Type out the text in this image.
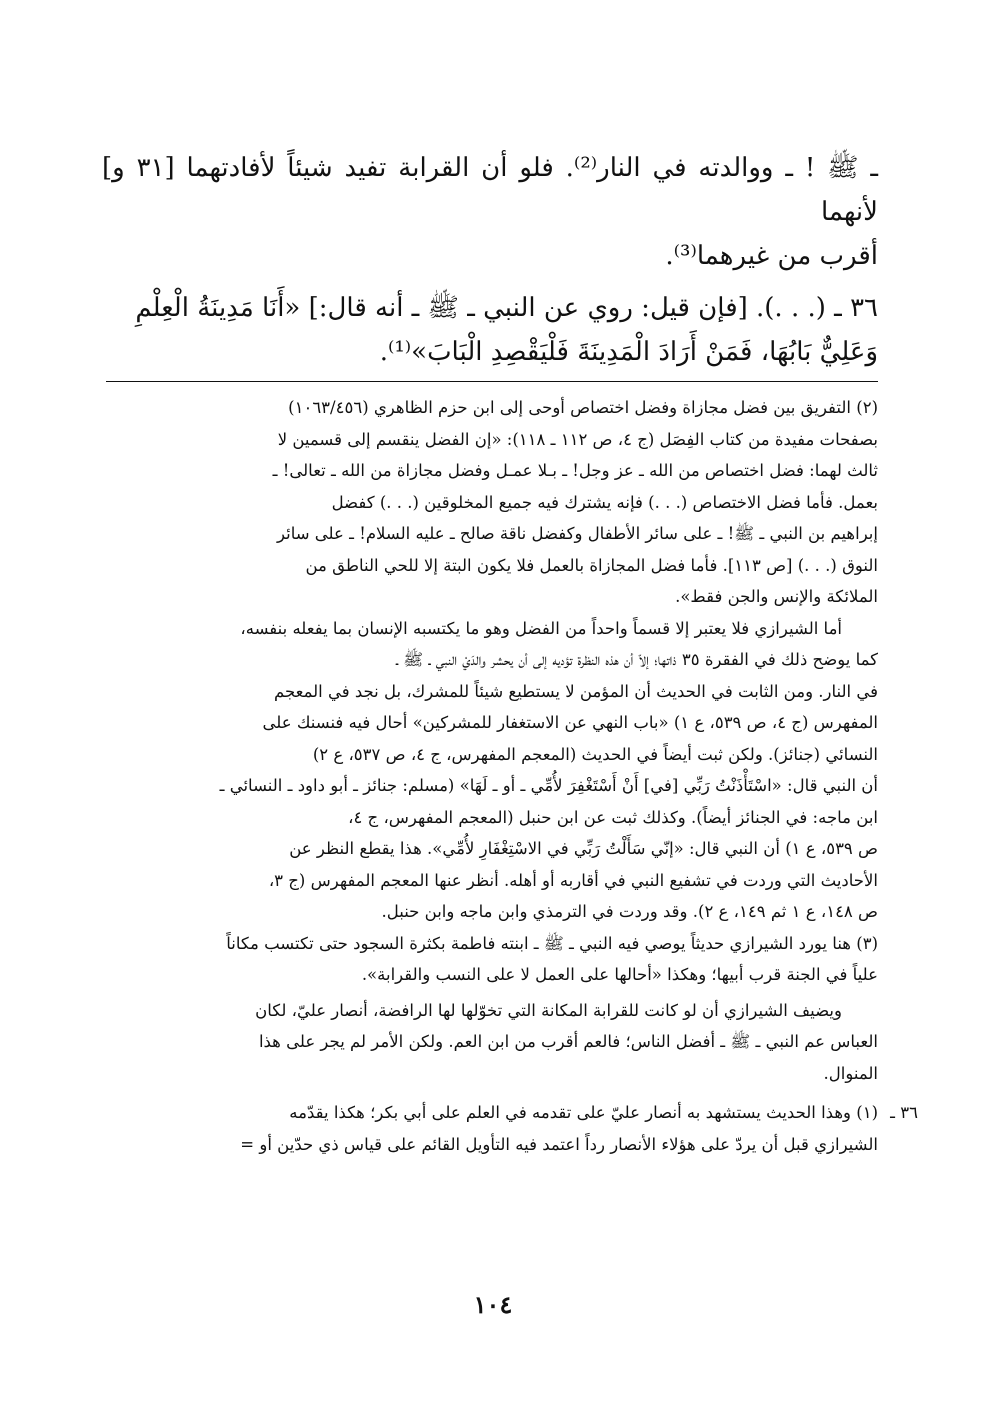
ـ ﷺ ! ـ ووالدته في النار⁽²⁾. فلو أن القرابة تفيد شيئاً لأفادتهما [٣١ و] لأنهما

أقرب من غيرهما⁽³⁾.

٣٦ ـ (. . .). [فإن قيل: روي عن النبي ـ ﷺ ـ أنه قال:] «أَنَا مَدِينَةُ الْعِلْمِ

وَعَلِيٌّ بَابُهَا، فَمَنْ أَرَادَ الْمَدِينَةَ فَلْيَقْصِدِ الْبَابَ»⁽¹⁾.

(٢) التفريق بين فضل مجازاة وفضل اختصاص أوحى إلى ابن حزم الظاهري (١٠٦٣/٤٥٦)

بصفحات مفيدة من كتاب الفِصَل (ج ٤، ص ١١٢ ـ ١١٨): «إن الفضل ينقسم إلى قسمين لا

ثالث لهما: فضل اختصاص من الله ـ عز وجل! ـ بـلا عمـل وفضل مجازاة من الله ـ تعالى! ـ

بعمل. فأما فضل الاختصاص (. . .) فإنه يشترك فيه جميع المخلوقين (. . .) كفضل

إبراهيم بن النبي ـ ﷺ! ـ على سائر الأطفال وكفضل ناقة صالح ـ عليه السلام! ـ على سائر

النوق (. . .) [ص ١١٣]. فأما فضل المجازاة بالعمل فلا يكون البتة إلا للحي الناطق من

الملائكة والإنس والجن فقط».

أما الشيرازي فلا يعتبر إلا قسماً واحداً من الفضل وهو ما يكتسبه الإنسان بما يفعله بنفسه،

كما يوضح ذلك في الفقرة ٣٥ ذاتها؛ إلاّ أن هذه النظرة تؤديه إلى أن يحشر والدَيْ النبي ـ ﷺ ـ

في النار. ومن الثابت في الحديث أن المؤمن لا يستطيع شيئاً للمشرك، بل نجد في المعجم

المفهرس (ج ٤، ص ٥٣٩، ع ١) «باب النهي عن الاستغفار للمشركين» أحال فيه فنسنك على

النسائي (جنائز). ولكن ثبت أيضاً في الحديث (المعجم المفهرس، ج ٤، ص ٥٣٧، ع ٢)

أن النبي قال: «اسْتَأْذَنْتُ رَبِّي [في] أَنْ أَسْتَغْفِرَ لأُمِّي ـ أو ـ لَهَا» (مسلم: جنائز ـ أبو داود ـ النسائي ـ

ابن ماجه: في الجنائز أيضاً). وكذلك ثبت عن ابن حنبل (المعجم المفهرس، ج ٤،

ص ٥٣٩، ع ١) أن النبي قال: «إنّي سَأَلْتُ رَبِّي في الاسْتِغْفَارِ لأُمِّي». هذا يقطع النظر عن

الأحاديث التي وردت في تشفيع النبي في أقاربه أو أهله. أنظر عنها المعجم المفهرس (ج ٣،

ص ١٤٨، ع ١ ثم ١٤٩، ع ٢). وقد وردت في الترمذي وابن ماجه وابن حنبل.

(٣) هنا يورد الشيرازي حديثاً يوصي فيه النبي ـ ﷺ ـ ابنته فاطمة بكثرة السجود حتى تكتسب مكاناً

علياً في الجنة قرب أبيها؛ وهكذا «أحالها على العمل لا على النسب والقرابة».

ويضيف الشيرازي أن لو كانت للقرابة المكانة التي تخوّلها لها الرافضة، أنصار عليّ، لكان

العباس عم النبي ـ ﷺ ـ أفضل الناس؛ فالعم أقرب من ابن العم. ولكن الأمر لم يجر على هذا

المنوال.

٣٦ ـ

(١) وهذا الحديث يستشهد به أنصار عليّ على تقدمه في العلم على أبي بكر؛ هكذا يقدّمه

الشيرازي قبل أن يردّ على هؤلاء الأنصار رداً اعتمد فيه التأويل القائم على قياس ذي حدّين أو =

١٠٤
